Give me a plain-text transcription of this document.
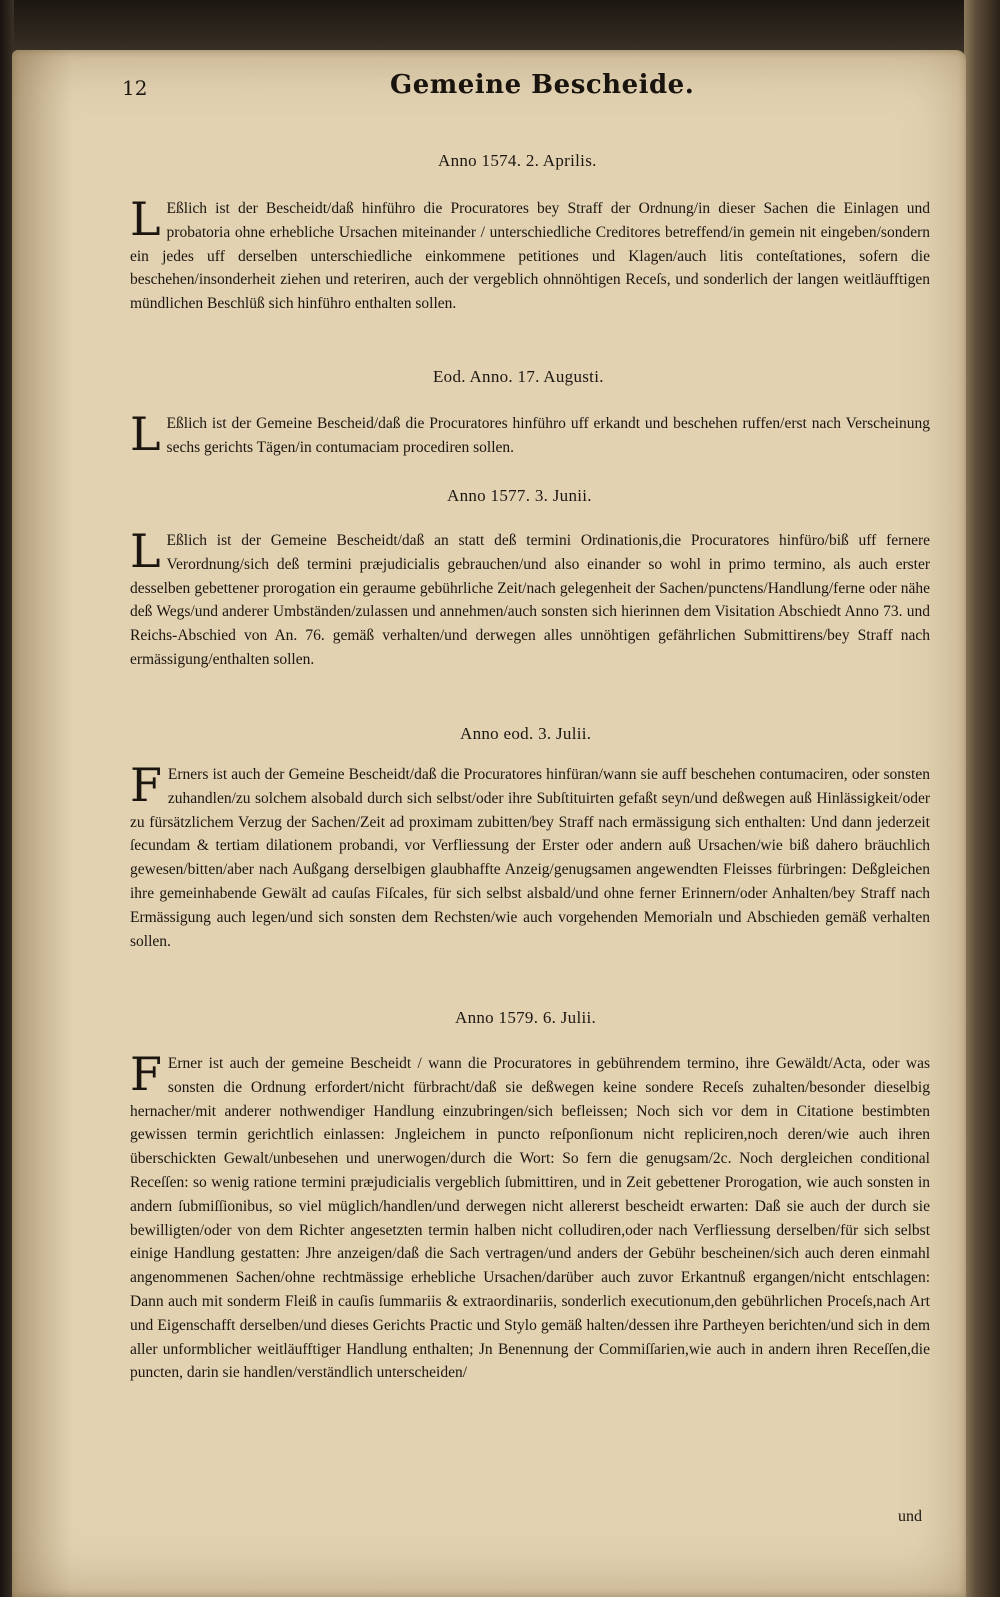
12	Gemeine Bescheide.
Anno 1574. 2. Aprilis.
L Eßlich ist der Bescheidt/daß hinführo die Procuratores bey Straff der Ordnung/in dieser Sachen die Einlagen und probatoria ohne erhebliche Ursachen miteinander / unterschiedliche Creditores betreffend/in gemein nit eingeben/sondern ein jedes uff derselben unterschiedliche einkommene petitiones und Klagen/auch litis conteſtationes, sofern die beschehen/insonderheit ziehen und reteriren, auch der vergeblich ohnnöhtigen Receſs, und sonderlich der langen weitläufftigen mündlichen Beschlüß sich hinführo enthalten sollen.
Eod. Anno. 17. Augusti.
L Eßlich ist der Gemeine Bescheid/daß die Procuratores hinführo uff erkandt und beschehen ruffen/erst nach Verscheinung sechs gerichts Tägen/in contumaciam procediren sollen.
Anno 1577. 3. Junii.
L Eßlich ist der Gemeine Bescheidt/daß an statt deß termini Ordinationis,die Procuratores hinfüro/biß uff fernere Verordnung/sich deß termini præjudicialis gebrauchen/und also einander so wohl in primo termino, als auch erster desselben gebettener prorogation ein geraume gebührliche Zeit/nach gelegenheit der Sachen/punctens/Handlung/ferne oder nähe deß Wegs/und anderer Umbständen/zulassen und annehmen/auch sonsten sich hierinnen dem Visitation Abschiedt Anno 73. und Reichs-Abschied von An. 76. gemäß verhalten/und derwegen alles unnöhtigen gefährlichen Submittirens/bey Straff nach ermässigung/enthalten sollen.
Anno eod. 3. Julii.
F Erners ist auch der Gemeine Bescheidt/daß die Procuratores hinfüran/wann sie auff beschehen contumaciren, oder sonsten zuhandlen/zu solchem alsobald durch sich selbst/oder ihre Subſtituirten gefaßt seyn/und deßwegen auß Hinlässigkeit/oder zu fürsätzlichem Verzug der Sachen/Zeit ad proximam zubitten/bey Straff nach ermässigung sich enthalten: Und dann jederzeit ſecundam & tertiam dilationem probandi, vor Verfliessung der Erster oder andern auß Ursachen/wie biß dahero bräuchlich gewesen/bitten/aber nach Außgang derselbigen glaubhaffte Anzeig/genugsamen angewendten Fleisses fürbringen: Deßgleichen ihre gemeinhabende Gewält ad cauſas Fiſcales, für sich selbst alsbald/und ohne ferner Erinnern/oder Anhalten/bey Straff nach Ermässigung auch legen/und sich sonsten dem Rechsten/wie auch vorgehenden Memorialn und Abschieden gemäß verhalten sollen.
Anno 1579. 6. Julii.
F Erner ist auch der gemeine Bescheidt / wann die Procuratores in gebührendem termino, ihre Gewäldt/Acta, oder was sonsten die Ordnung erfordert/nicht fürbracht/daß sie deßwegen keine sondere Receſs zuhalten/besonder dieselbig hernacher/mit anderer nothwendiger Handlung einzubringen/sich befleissen; Noch sich vor dem in Citatione bestimbten gewissen termin gerichtlich einlassen: Jngleichem in puncto reſponſionum nicht repliciren,noch deren/wie auch ihren überschickten Gewalt/unbesehen und unerwogen/durch die Wort: So fern die genugsam/2c. Noch dergleichen conditional Receſſen: so wenig ratione termini præjudicialis vergeblich ſubmittiren, und in Zeit gebettener Prorogation, wie auch sonsten in andern ſubmiſſionibus, so viel müglich/handlen/und derwegen nicht allererst bescheidt erwarten: Daß sie auch der durch sie bewilligten/oder von dem Richter angesetzten termin halben nicht colludiren,oder nach Verfliessung derselben/für sich selbst einige Handlung gestatten: Jhre anzeigen/daß die Sach vertragen/und anders der Gebühr bescheinen/sich auch deren einmahl angenommenen Sachen/ohne rechtmässige erhebliche Ursachen/darüber auch zuvor Erkantnuß ergangen/nicht entschlagen: Dann auch mit sonderm Fleiß in cauſis ſummariis & extraordinariis, sonderlich executionum,den gebührlichen Proceſs,nach Art und Eigenschafft derselben/und dieses Gerichts Practic und Stylo gemäß halten/dessen ihre Partheyen berichten/und sich in dem aller unformblicher weitläufftiger Handlung enthalten; Jn Benennung der Commiſſarien,wie auch in andern ihren Receſſen,die puncten, darin sie handlen/verständlich unterscheiden/
und
